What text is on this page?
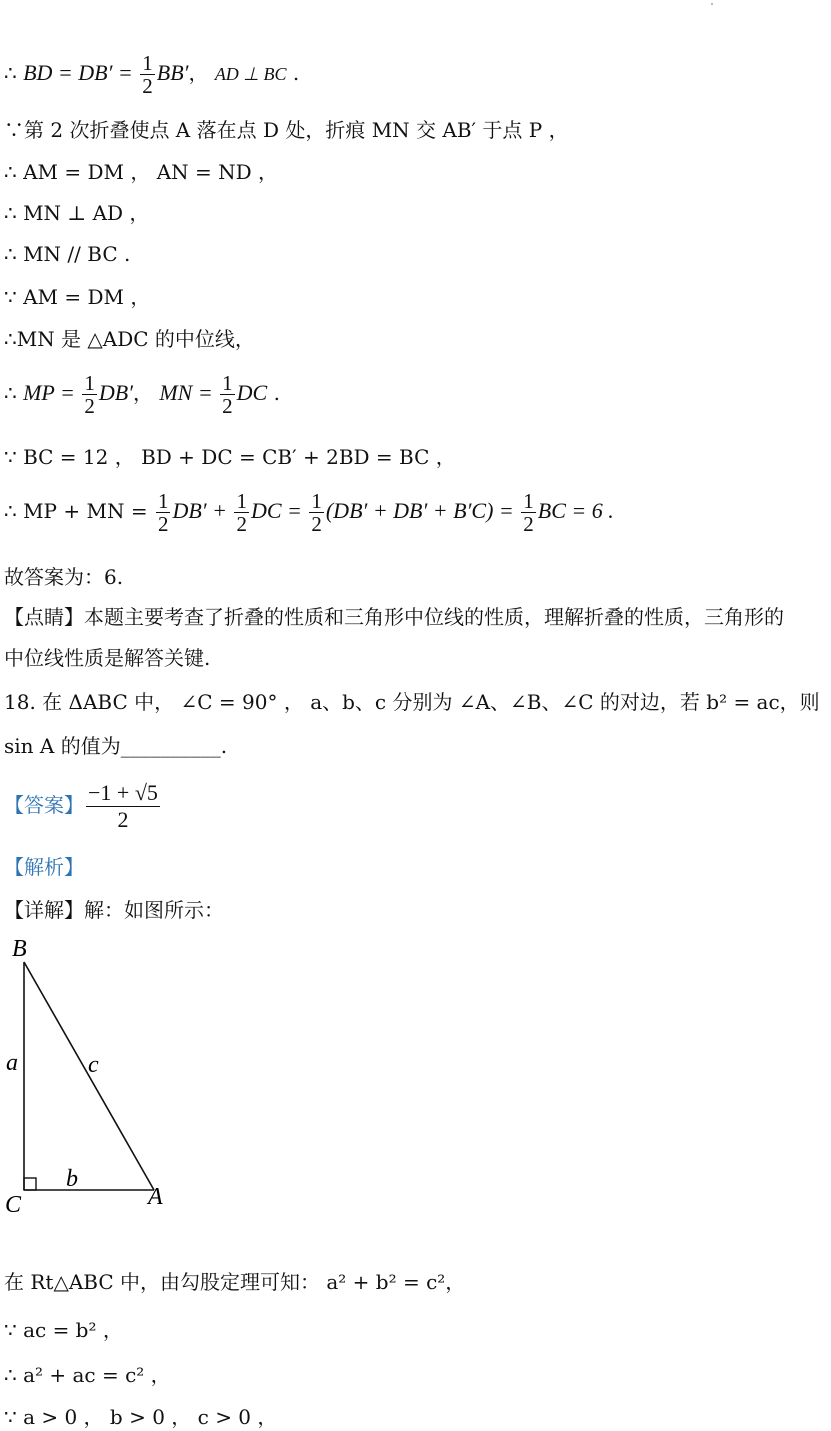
∴ BD = $DB' = \frac{1}{2} BB'$， AD ⊥ BC .
∵第 2 次折叠使点 A 落在点 D 处，折痕 MN 交 AB′ 于点 P ，
∴ AM = DM ， AN = ND ，
∴ MN ⊥ AD ，
∴ MN // BC .
∵ AM = DM ，
∴MN 是 △ADC 的中位线，
∴ MP = $\frac{1}{2} DB'$， MN = $\frac{1}{2}$ DC .
∵ BC = 12 ， BD + DC = CB′ + 2BD = BC ，
∴ MP + MN = $\frac{1}{2} DB' + \frac{1}{2}$ DC = $\frac{1}{2} (DB' + DB' + B'C) = \frac{1}{2}$ BC = 6 .
故答案为：6.
【点睛】本题主要考查了折叠的性质和三角形中位线的性质，理解折叠的性质，三角形的
中位线性质是解答关键.
18. 在 ΔABC 中， ∠C = 90° ， a、b、c 分别为 ∠A、∠B、∠C 的对边，若 b² = ac，则
sin A 的值为__________.
【答案】 $\frac{-1 + √5}{2}$
【解析】
【详解】解：如图所示：
B
C	A
a	c
b
在 Rt△ABC 中，由勾股定理可知： a² + b² = c²，
∵ ac = b² ，
∴ a² + ac = c² ，
∵ a > 0 ， b > 0 ， c > 0 ，
